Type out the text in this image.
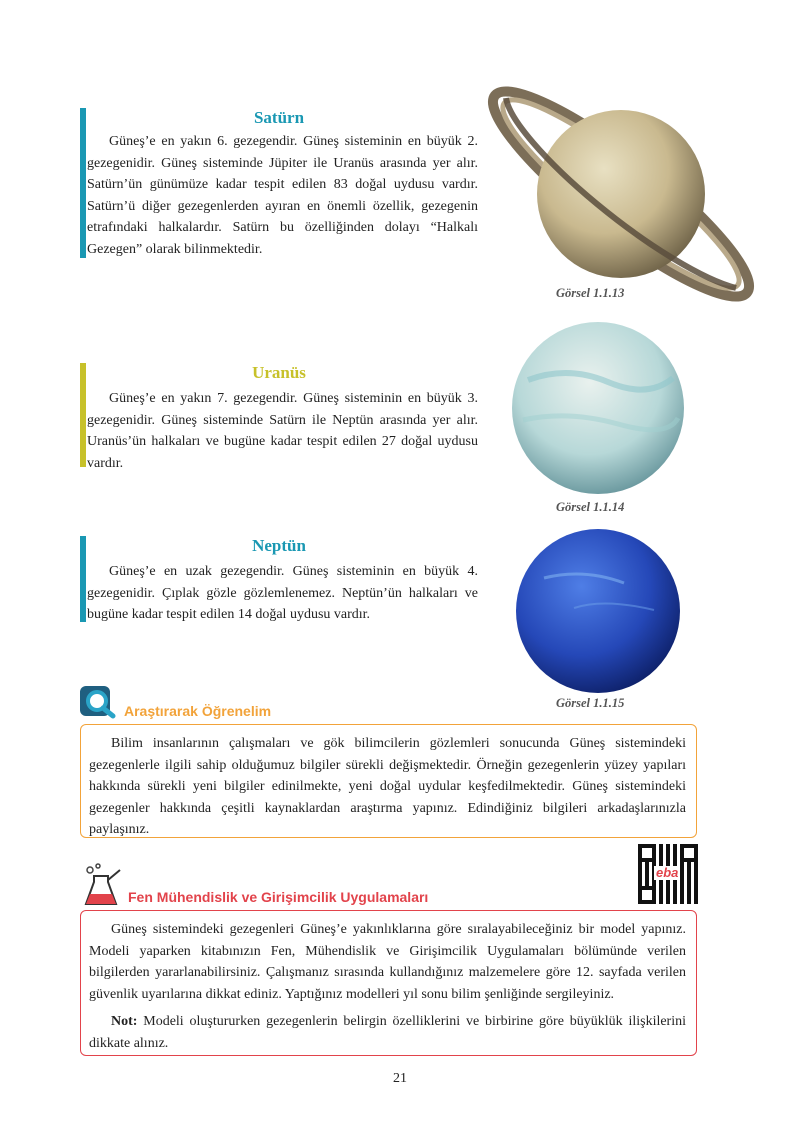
Satürn

Güneş’e en yakın 6. gezegendir. Güneş sisteminin en büyük 2. gezegenidir. Güneş sisteminde Jüpiter ile Uranüs arasında yer alır. Satürn’ün günümüze kadar tespit edilen 83 doğal uydusu vardır. Satürn’ü diğer gezegenlerden ayıran en önemli özellik, gezegenin etrafındaki halkalardır. Satürn bu özelliğinden dolayı “Halkalı Gezegen” olarak bilinmektedir.

Görsel 1.1.13
Uranüs

Güneş’e en yakın 7. gezegendir. Güneş sisteminin en büyük 3. gezegenidir. Güneş sisteminde Satürn ile Neptün arasında yer alır. Uranüs’ün halkaları ve bugüne kadar tespit edilen 27 doğal uydusu vardır.

Görsel 1.1.14
Neptün

Güneş’e en uzak gezegendir. Güneş sisteminin en büyük 4. gezegenidir. Çıplak gözle gözlemlenemez. Neptün’ün halkaları ve bugüne kadar tespit edilen 14 doğal uydusu vardır.

Görsel 1.1.15
Araştırarak Öğrenelim

Bilim insanlarının çalışmaları ve gök bilimcilerin gözlemleri sonucunda Güneş sistemindeki gezegenlerle ilgili sahip olduğumuz bilgiler sürekli değişmektedir. Örneğin gezegenlerin yüzey yapıları hakkında sürekli yeni bilgiler edinilmekte, yeni doğal uydular keşfedilmektedir. Güneş sistemindeki gezegenler hakkında çeşitli kaynaklardan araştırma yapınız. Edindiğiniz bilgileri arkadaşlarınızla paylaşınız.

Fen Mühendislik ve Girişimcilik Uygulamaları
eba

Güneş sistemindeki gezegenleri Güneş’e yakınlıklarına göre sıralayabileceğiniz bir model yapınız. Modeli yaparken kitabınızın Fen, Mühendislik ve Girişimcilik Uygulamaları bölümünde verilen bilgilerden yararlanabilirsiniz. Çalışmanız sırasında kullandığınız malzemelere göre 12. sayfada verilen güvenlik uyarılarına dikkat ediniz. Yaptığınız modelleri yıl sonu bilim şenliğinde sergileyiniz.

Not: Modeli oluştururken gezegenlerin belirgin özelliklerini ve birbirine göre büyüklük ilişkilerini dikkate alınız.

21
